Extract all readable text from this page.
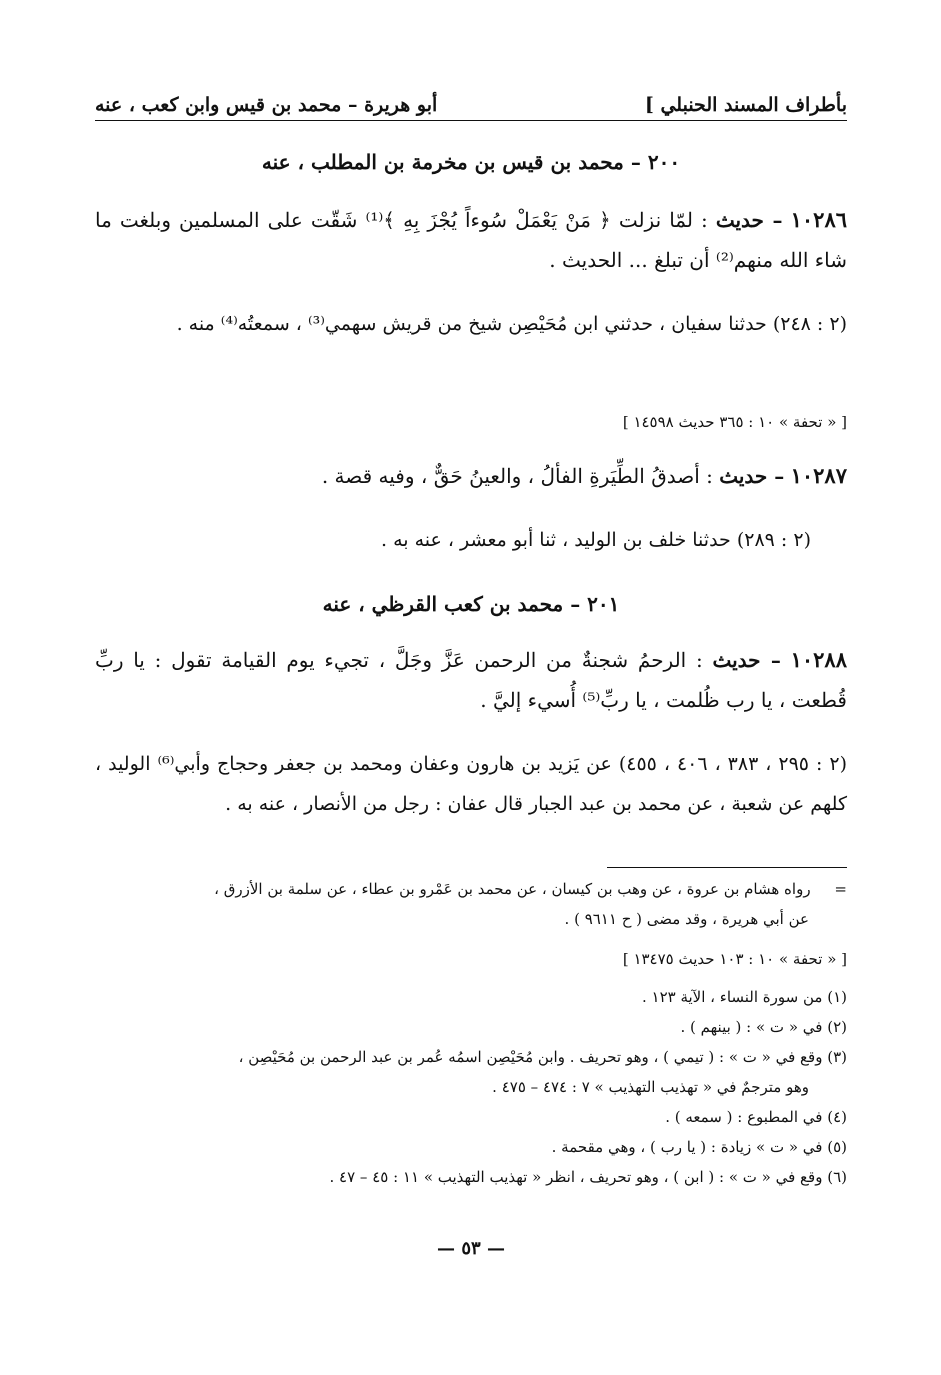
بأطراف المسند الحنبلي ]
أبو هريرة – محمد بن قيس وابن كعب ، عنه
٢٠٠ – محمد بن قيس بن مخرمة بن المطلب ، عنه
١٠٢٨٦ – حديث : لمّا نزلت ﴿ مَنْ يَعْمَلْ سُوءاً يُجْزَ بِهِ ﴾⁽¹⁾ شَقّت على المسلمين وبلغت ما شاء الله منهم⁽²⁾ أن تبلغ ... الحديث .
(٢ : ٢٤٨) حدثنا سفيان ، حدثني ابن مُحَيْصِن شيخ من قريش سهمي⁽³⁾ ، سمعتُه⁽⁴⁾ منه .
[ « تحفة » ١٠ : ٣٦٥ حديث ١٤٥٩٨ ]
١٠٢٨٧ – حديث : أصدقُ الطِّيَرةِ الفألُ ، والعينُ حَقٌّ ، وفيه قصة .
(٢ : ٢٨٩) حدثنا خلف بن الوليد ، ثنا أبو معشر ، عنه به .
٢٠١ – محمد بن كعب القرظي ، عنه
١٠٢٨٨ – حديث : الرحمُ شجنةٌ من الرحمن عَزَّ وجَلَّ ، تجيء يوم القيامة تقول : يا ربِّ قُطعت ، يا رب ظُلمت ، يا ربِّ⁽⁵⁾ أُسيء إليَّ .
(٢ : ٢٩٥ ، ٣٨٣ ، ٤٠٦ ، ٤٥٥) عن يَزيد بن هارون وعفان ومحمد بن جعفر وحجاج وأبي⁽⁶⁾ الوليد ، كلهم عن شعبة ، عن محمد بن عبد الجبار قال عفان : رجل من الأنصار ، عنه به .
=     رواه هشام بن عروة ، عن وهب بن كيسان ، عن محمد بن عَمْرو بن عطاء ، عن سلمة بن الأزرق ،
عن أبي هريرة ، وقد مضى ( ح ٩٦١١ ) .
[ « تحفة » ١٠ : ١٠٣ حديث ١٣٤٧٥ ]
(١) من سورة النساء ، الآية ١٢٣ .
(٢) في « ت » : ( بينهم ) .
(٣) وقع في « ت » : ( تيمي ) ، وهو تحريف . وابن مُحَيْصِن اسمُه عُمر بن عبد الرحمن بن مُحَيْصِن ،
وهو مترجمٌ في « تهذيب التهذيب » ٧ : ٤٧٤ – ٤٧٥ .
(٤) في المطبوع : ( سمعه ) .
(٥) في « ت » زيادة : ( يا رب ) ، وهي مقحمة .
(٦) وقع في « ت » : ( ابن ) ، وهو تحريف ، انظر « تهذيب التهذيب » ١١ : ٤٥ – ٤٧ .
— ٥٣ —
